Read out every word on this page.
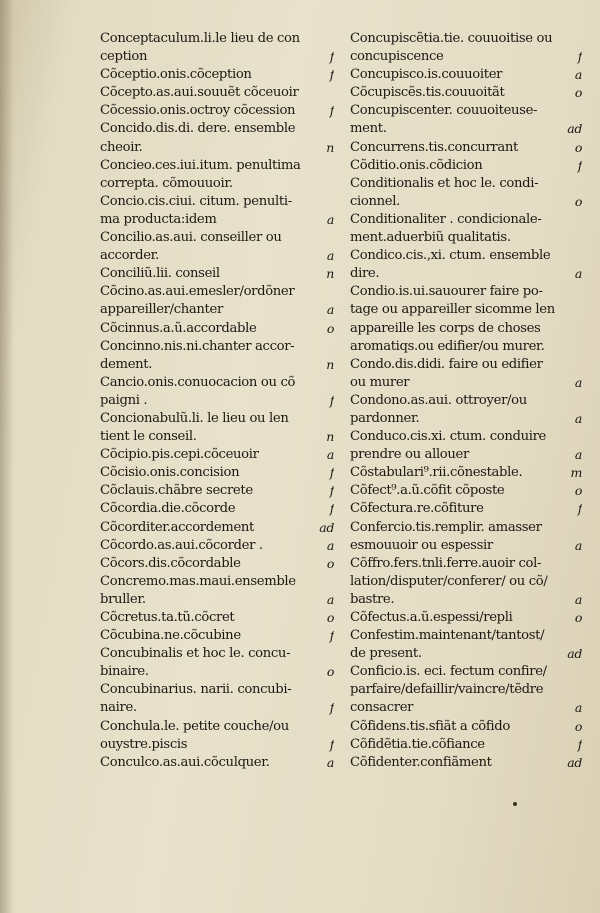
Conceptaculum.li.le lieu de con
ception	f
Cõceptio.onis.cõception	f
Cõcepto.as.aui.souuẽt cõceuoir
Cõcessio.onis.octroy cõcession	f
Concido.dis.di. dere. ensemble
cheoir.	n
Concieo.ces.iui.itum. penultima
correpta. cõmouuoir.
Concio.cis.ciui. citum. penulti-
ma producta:idem	a
Concilio.as.aui. conseiller ou
accorder.	a
Conciliũ.lii. conseil	n
Cõcino.as.aui.emesler/ordõner
appareiller/chanter	a
Cõcinnus.a.ũ.accordable	o
Concinno.nis.ni.chanter accor-
dement.	n
Cancio.onis.conuocacion ou cõ
paigni .	f
Concionabulũ.li. le lieu ou len
tient le conseil.	n
Cõcipio.pis.cepi.cõceuoir	a
Cõcisio.onis.concision	f
Cõclauis.chãbre secrete	f
Cõcordia.die.cõcorde	f
Cõcorditer.accordement	ad
Cõcordo.as.aui.cõcorder .	a
Cõcors.dis.cõcordable	o
Concremo.mas.maui.ensemble
bruller.	a
Cõcretus.ta.tũ.cõcret	o
Cõcubina.ne.cõcubine	f
Concubinalis et hoc le. concu-
binaire.	o
Concubinarius. narii. concubi-
naire.	f
Conchula.le. petite couche/ou
ouystre.piscis	f
Conculco.as.aui.cõculquer.	a
Concupiscẽtia.tie. couuoitise ou
concupiscence	f
Concupisco.is.couuoiter	a
Cõcupiscẽs.tis.couuoitãt	o
Concupiscenter. couuoiteuse-
ment.	ad
Concurrens.tis.concurrant	o
Cõditio.onis.cõdicion	f
Conditionalis et hoc le. condi-
cionnel.	o
Conditionaliter . condicionale-
ment.aduerbiũ qualitatis.
Condico.cis.,xi. ctum. ensemble
dire.	a
Condio.is.ui.sauourer faire po-
tage ou appareiller sicomme len
appareille les corps de choses
aromatiqs.ou edifier/ou murer.
Condo.dis.didi. faire ou edifier
ou murer	a
Condono.as.aui. ottroyer/ou
pardonner.	a
Conduco.cis.xi. ctum. conduire
prendre ou allouer	a
Cõstabulari⁹.rii.cõnestable.	m
Cõfect⁹.a.ũ.cõfit cõposte	o
Cõfectura.re.cõfiture	f
Confercio.tis.remplir. amasser
esmouuoir ou espessir	a
Cõffro.fers.tnli.ferre.auoir col-
lation/disputer/conferer/ ou cõ/
bastre.	a
Cõfectus.a.ũ.espessi/repli	o
Confestim.maintenant/tantost/
de present.	ad
Conficio.is. eci. fectum confire/
parfaire/defaillir/vaincre/tẽdre
consacrer	a
Cõfidens.tis.sfiãt a cõfido	o
Cõfidẽtia.tie.cõfiance	f
Cõfidenter.confiãment	ad
